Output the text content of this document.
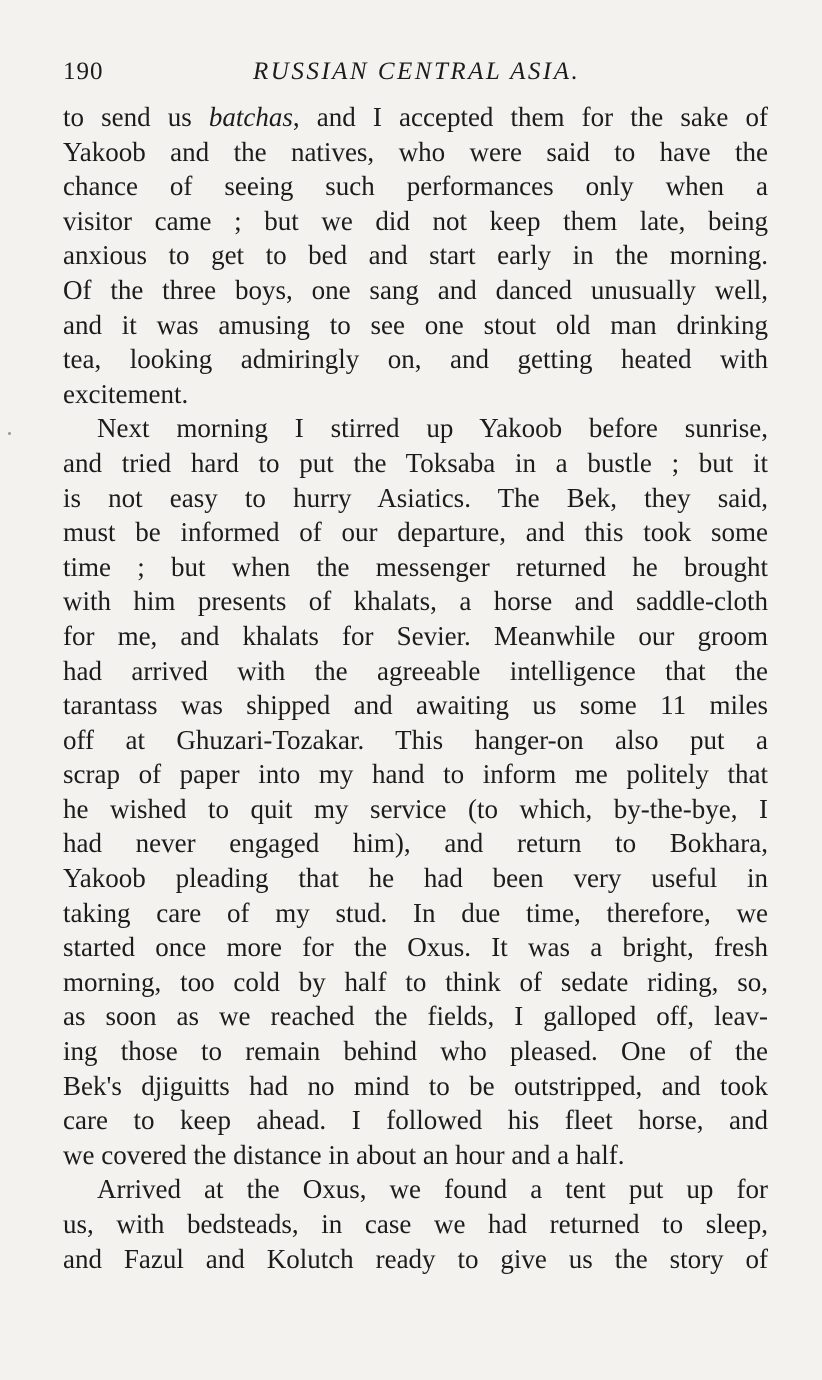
190	RUSSIAN CENTRAL ASIA.
to send us batchas, and I accepted them for the sake of
Yakoob and the natives, who were said to have the
chance of seeing such performances only when a
visitor came ; but we did not keep them late, being
anxious to get to bed and start early in the morning.
Of the three boys, one sang and danced unusually well,
and it was amusing to see one stout old man drinking
tea, looking admiringly on, and getting heated with
excitement.
Next morning I stirred up Yakoob before sunrise,
and tried hard to put the Toksaba in a bustle ; but it
is not easy to hurry Asiatics. The Bek, they said,
must be informed of our departure, and this took some
time ; but when the messenger returned he brought
with him presents of khalats, a horse and saddle-cloth
for me, and khalats for Sevier. Meanwhile our groom
had arrived with the agreeable intelligence that the
tarantass was shipped and awaiting us some 11 miles
off at Ghuzari-Tozakar. This hanger-on also put a
scrap of paper into my hand to inform me politely that
he wished to quit my service (to which, by-the-bye, I
had never engaged him), and return to Bokhara,
Yakoob pleading that he had been very useful in
taking care of my stud. In due time, therefore, we
started once more for the Oxus. It was a bright, fresh
morning, too cold by half to think of sedate riding, so,
as soon as we reached the fields, I galloped off, leav-
ing those to remain behind who pleased. One of the
Bek's djiguitts had no mind to be outstripped, and took
care to keep ahead. I followed his fleet horse, and
we covered the distance in about an hour and a half.
Arrived at the Oxus, we found a tent put up for
us, with bedsteads, in case we had returned to sleep,
and Fazul and Kolutch ready to give us the story of
